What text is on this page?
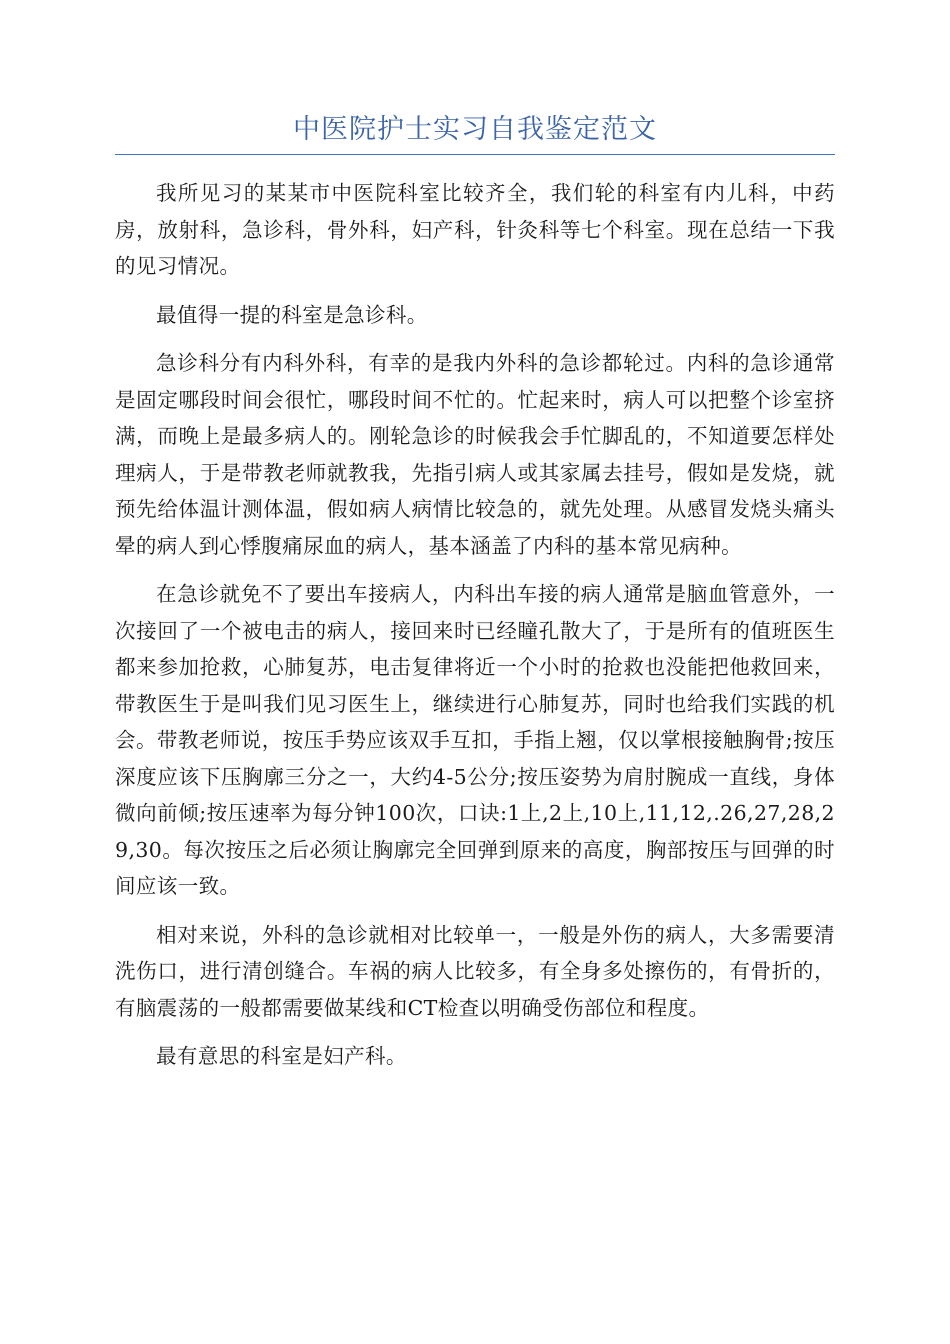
中医院护士实习自我鉴定范文

我所见习的某某市中医院科室比较齐全，我们轮的科室有内儿科，中药房，放射科，急诊科，骨外科，妇产科，针灸科等七个科室。现在总结一下我的见习情况。

最值得一提的科室是急诊科。

急诊科分有内科外科，有幸的是我内外科的急诊都轮过。内科的急诊通常是固定哪段时间会很忙，哪段时间不忙的。忙起来时，病人可以把整个诊室挤满，而晚上是最多病人的。刚轮急诊的时候我会手忙脚乱的，不知道要怎样处理病人，于是带教老师就教我，先指引病人或其家属去挂号，假如是发烧，就预先给体温计测体温，假如病人病情比较急的，就先处理。从感冒发烧头痛头晕的病人到心悸腹痛尿血的病人，基本涵盖了内科的基本常见病种。

在急诊就免不了要出车接病人，内科出车接的病人通常是脑血管意外，一次接回了一个被电击的病人，接回来时已经瞳孔散大了，于是所有的值班医生都来参加抢救，心肺复苏，电击复律将近一个小时的抢救也没能把他救回来，带教医生于是叫我们见习医生上，继续进行心肺复苏，同时也给我们实践的机会。带教老师说，按压手势应该双手互扣，手指上翘，仅以掌根接触胸骨;按压深度应该下压胸廓三分之一，大约4-5公分;按压姿势为肩肘腕成一直线，身体微向前倾;按压速率为每分钟100次，口诀:1上,2上,10上,11,12,.26,27,28,29,30。每次按压之后必须让胸廓完全回弹到原来的高度，胸部按压与回弹的时间应该一致。

相对来说，外科的急诊就相对比较单一，一般是外伤的病人，大多需要清洗伤口，进行清创缝合。车祸的病人比较多，有全身多处擦伤的，有骨折的，有脑震荡的一般都需要做某线和CT检查以明确受伤部位和程度。

最有意思的科室是妇产科。
